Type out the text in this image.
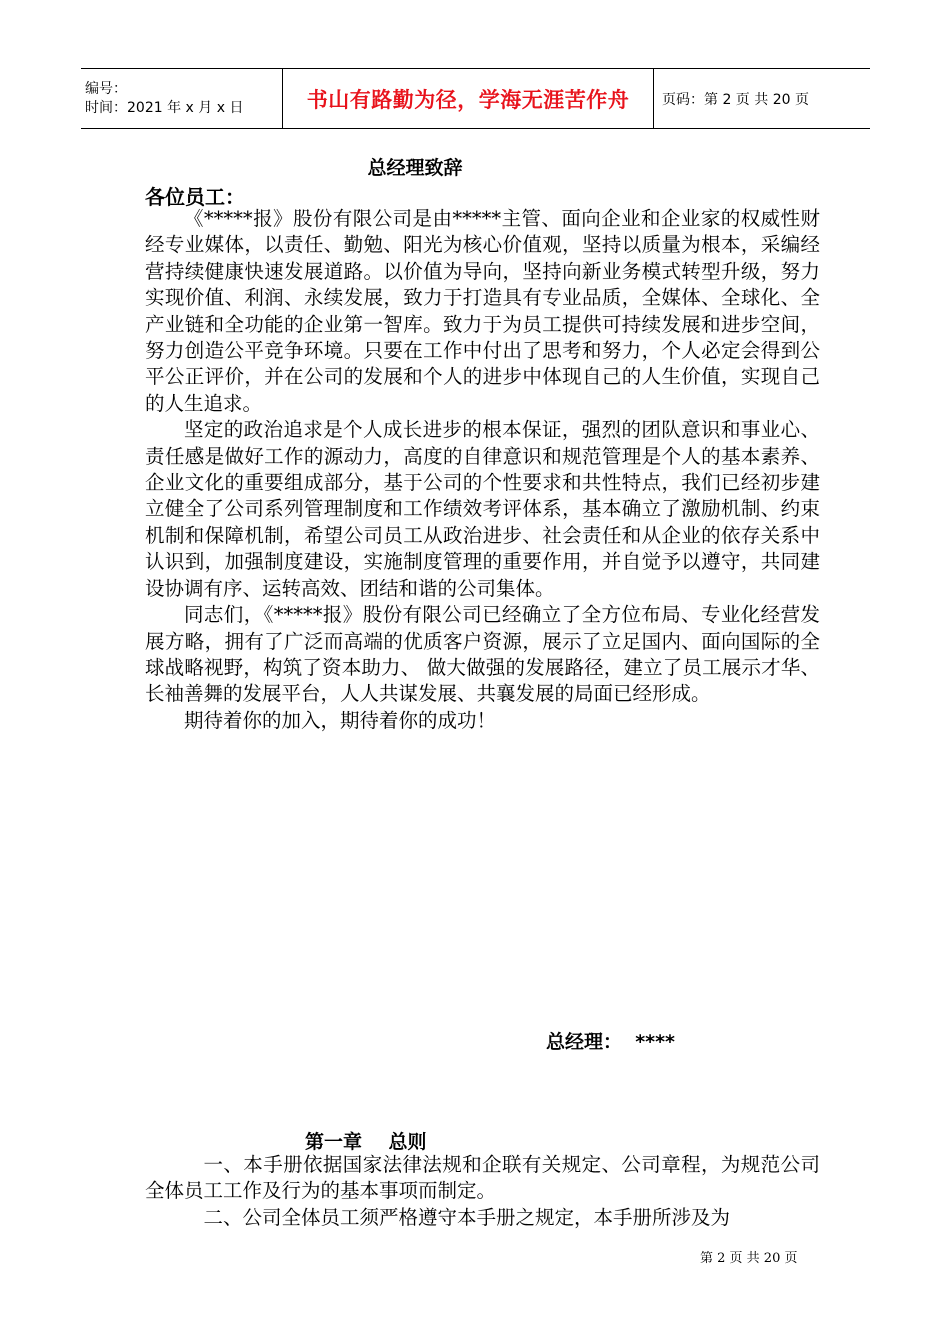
编号：
时间：2021 年 x 月 x 日	书山有路勤为径，学海无涯苦作舟 页码：第 2 页 共 20 页
总经理致辞
各位员工：

《*****报》股份有限公司是由*****主管、面向企业和企业家的权威性财经专业媒体，以责任、勤勉、阳光为核心价值观，坚持以质量为根本，采编经营持续健康快速发展道路。以价值为导向，坚持向新业务模式转型升级，努力实现价值、利润、永续发展，致力于打造具有专业品质，全媒体、全球化、全产业链和全功能的企业第一智库。致力于为员工提供可持续发展和进步空间，努力创造公平竞争环境。只要在工作中付出了思考和努力，个人必定会得到公平公正评价，并在公司的发展和个人的进步中体现自己的人生价值，实现自己的人生追求。

坚定的政治追求是个人成长进步的根本保证，强烈的团队意识和事业心、责任感是做好工作的源动力，高度的自律意识和规范管理是个人的基本素养、企业文化的重要组成部分，基于公司的个性要求和共性特点，我们已经初步建立健全了公司系列管理制度和工作绩效考评体系，基本确立了激励机制、约束机制和保障机制，希望公司员工从政治进步、社会责任和从企业的依存关系中认识到，加强制度建设，实施制度管理的重要作用，并自觉予以遵守，共同建设协调有序、运转高效、团结和谐的公司集体。

同志们，《*****报》股份有限公司已经确立了全方位布局、专业化经营发展方略，拥有了广泛而高端的优质客户资源，展示了立足国内、面向国际的全球战略视野，构筑了资本助力、 做大做强的发展路径，建立了员工展示才华、长袖善舞的发展平台，人人共谋发展、共襄发展的局面已经形成。

期待着你的加入，期待着你的成功！

总经理：  ****
第一章    总则

一、本手册依据国家法律法规和企联有关规定、公司章程，为规范公司全体员工工作及行为的基本事项而制定。

二、公司全体员工须严格遵守本手册之规定，本手册所涉及为

第 2 页 共 20 页
